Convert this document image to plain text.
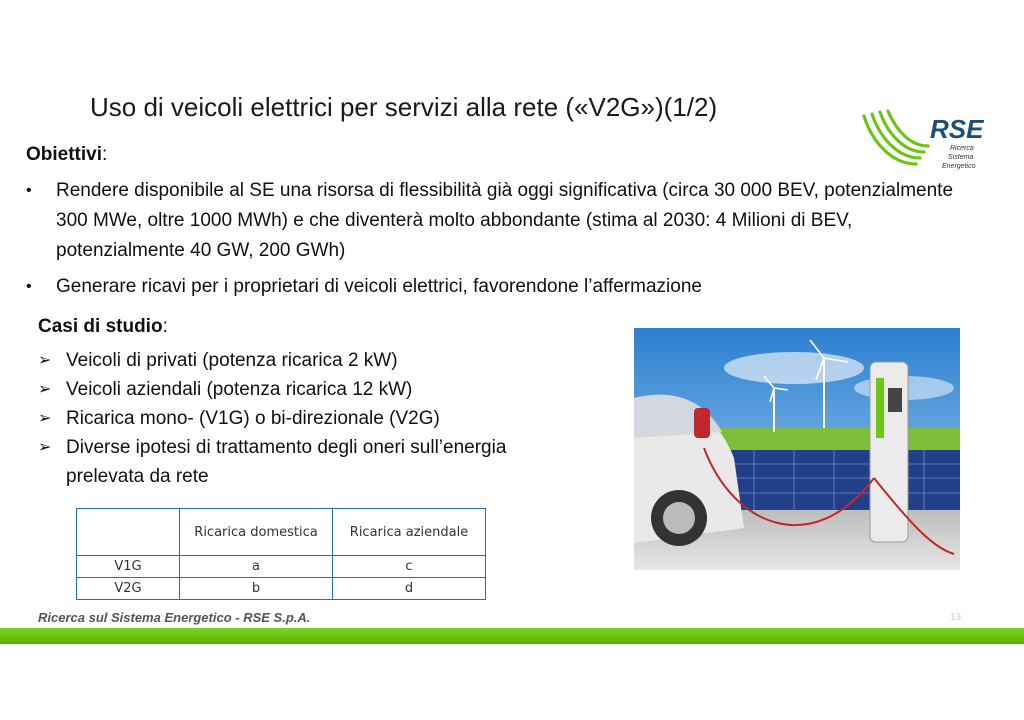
Uso di veicoli elettrici per servizi alla rete («V2G»)(1/2)
RSE
Ricerca
Sistema
Energetico
Obiettivi:
•	Rendere disponibile al SE una risorsa di flessibilità già oggi significativa (circa 30 000 BEV, potenzialmente 300 MWe, oltre 1000 MWh) e che diventerà molto abbondante (stima al 2030: 4 Milioni di BEV, potenzialmente 40 GW, 200 GWh)
•	Generare ricavi per i proprietari di veicoli elettrici, favorendone l’affermazione
Casi di studio:
➢ Veicoli di privati (potenza ricarica 2 kW)
➢ Veicoli aziendali (potenza ricarica 12 kW)
➢ Ricarica mono- (V1G) o bi-direzionale (V2G)
➢ Diverse ipotesi di trattamento degli oneri sull’energia prelevata da rete
	Ricarica domestica	Ricarica aziendale
V1G	a	c
V2G	b	d
Ricerca sul Sistema Energetico - RSE S.p.A.	13
